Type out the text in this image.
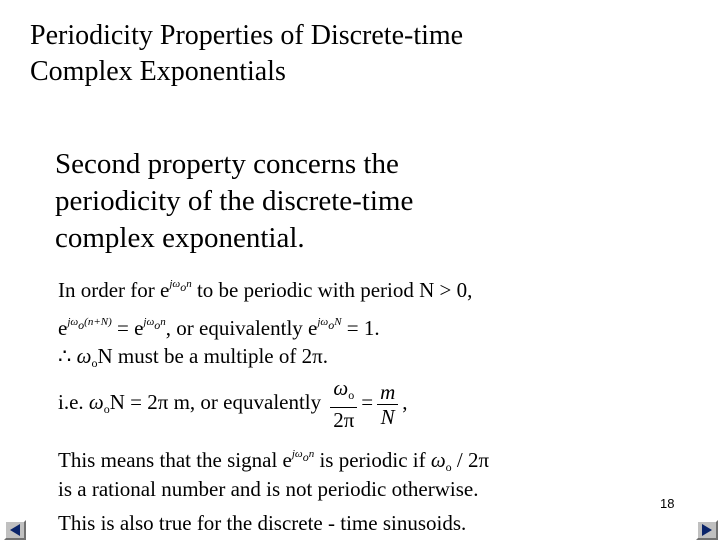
Periodicity Properties of Discrete-time
Complex Exponentials
Second property concerns the
periodicity of the discrete-time
complex exponential.
In order for $e^{j\omega on}$ to be periodic with period N > 0,
$e^{j\omega o(n+N)} = e^{j\omega on}$, or equivalently $e^{j\omega oN} = 1$.
∴ $\omega_oN$ must be a multiple of 2π.
i.e. $\omega_oN = 2\pi$ m, or equvalently $\frac{\omega_o}{2\pi} = \frac{m}{N}$ ,
This means that the signal $e^{j\omega on}$ is periodic if $\omega_o / 2\pi$
is a rational number and is not periodic otherwise.
This is also true for the discrete - time sinusoids.
18
